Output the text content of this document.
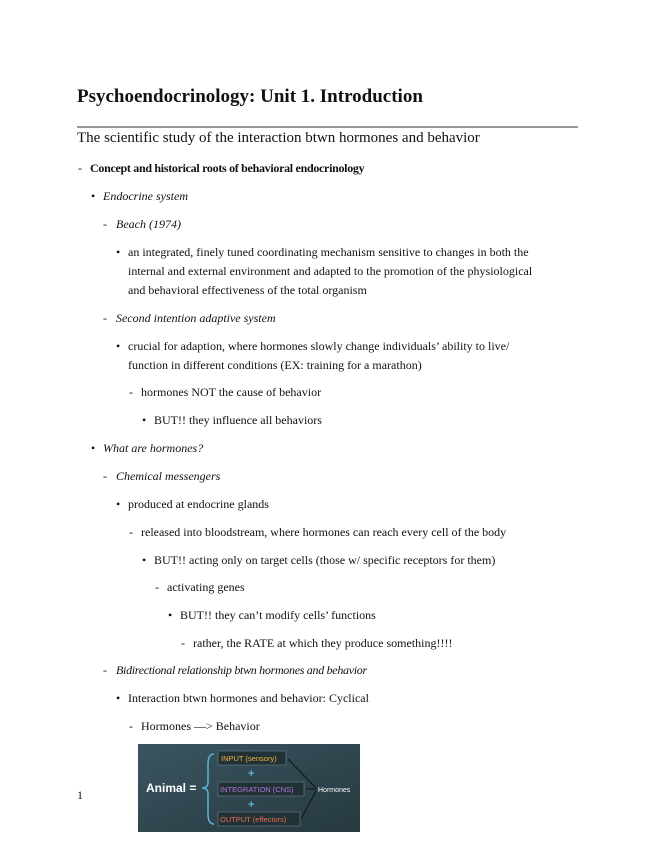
Psychoendocrinology: Unit 1. Introduction

The scientific study of the interaction btwn hormones and behavior

- Concept and historical roots of behavioral endocrinology
• Endocrine system
- Beach (1974)
• an integrated, finely tuned coordinating mechanism sensitive to changes in both the
internal and external environment and adapted to the promotion of the physiological
and behavioral effectiveness of the total organism
- Second intention adaptive system
• crucial for adaption, where hormones slowly change individuals’ ability to live/
function in different conditions (EX: training for a marathon)
- hormones NOT the cause of behavior
• BUT!! they influence all behaviors
• What are hormones?
- Chemical messengers
• produced at endocrine glands
- released into bloodstream, where hormones can reach every cell of the body
• BUT!! acting only on target cells (those w/ specific receptors for them)
- activating genes
• BUT!! they can’t modify cells’ functions
- rather, the RATE at which they produce something!!!!
- Bidirectional relationship btwn hormones and behavior
• Interaction btwn hormones and behavior: Cyclical
- Hormones —> Behavior
Animal =
INPUT (sensory)
+
INTEGRATION (CNS)
+
OUTPUT (effectors)
Hormones
1
